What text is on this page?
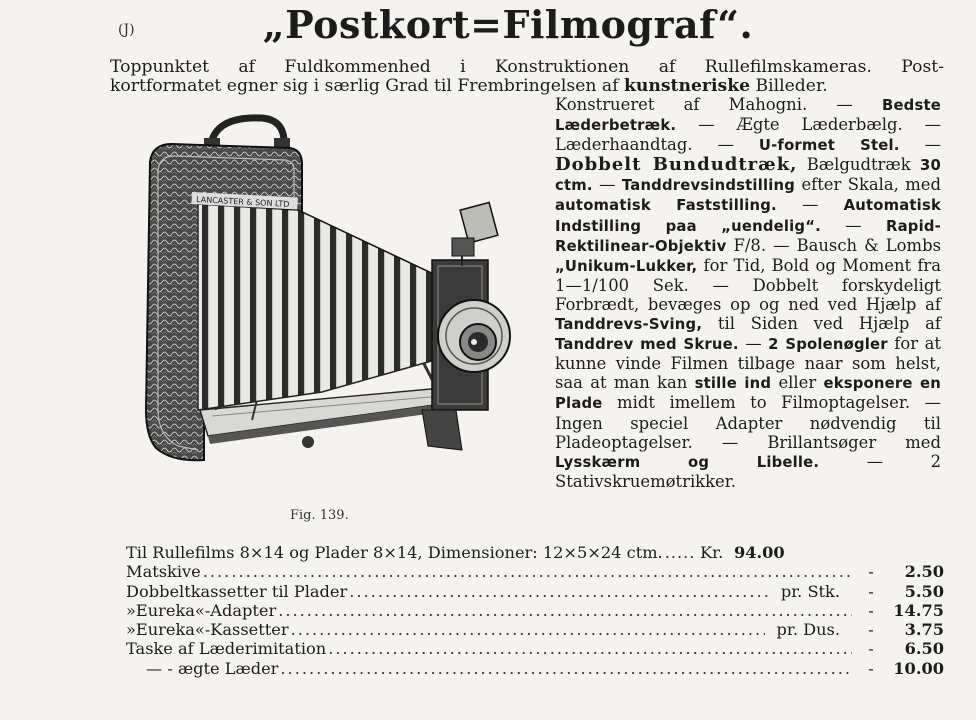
(J)	„Postkort=Filmograf“.
Toppunktet af Fuldkommenhed i Konstruktionen af Rullefilmskameras. Post-
kortformatet egner sig i særlig Grad til Frembringelsen af kunstneriske Billeder.
LANCASTER & SON LTD
Fig. 139.
Konstrueret af Mahogni. — Bedste Læderbetræk. — Ægte Læderbælg. — Læderhaandtag. — U-formet Stel. — Dobbelt Bundudtræk, Bælgudtræk 30 ctm. — Tanddrevsindstilling efter Skala, med automatisk Faststilling. — Automatisk Indstilling paa „uendelig“. — Rapid-Rektilinear-Objektiv F/8. — Bausch & Lombs „Unikum-Lukker, for Tid, Bold og Moment fra 1—1/100 Sek. — Dobbelt forskydeligt Forbrædt, bevæges op og ned ved Hjælp af Tanddrevs-Sving, til Siden ved Hjælp af Tanddrev med Skrue. — 2 Spolenøgler for at kunne vinde Filmen tilbage naar som helst, saa at man kan stille ind eller eksponere en Plade midt imellem to Filmoptagelser. — Ingen speciel Adapter nødvendig til Pladeoptagelser. — Brillantsøger med Lysskærm og Libelle. — 2 Stativskruemøtrikker.
Til Rullefilms 8×14 og Plader 8×14, Dimensioner: 12×5×24 ctm. .....	Kr. 94.00
Matskive .....	-	2.50
Dobbeltkassetter til Plader .....	pr. Stk.	-	5.50
»Eureka«-Adapter .....	-	14.75
»Eureka«-Kassetter .....	pr. Dus.	-	3.75
Taske af Læderimitation .....	-	6.50
— - ægte Læder .....	-	10.00
